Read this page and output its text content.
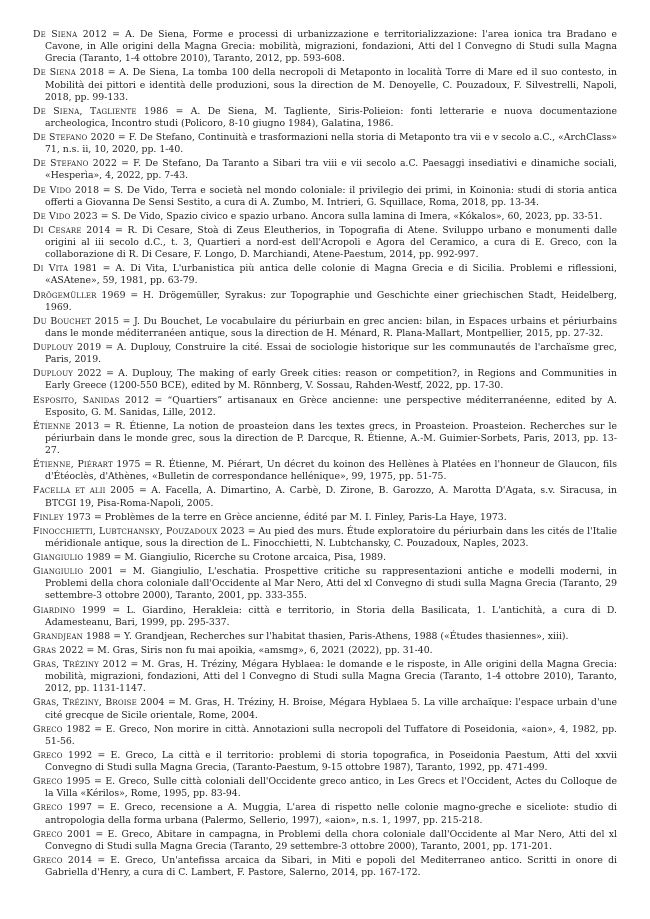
De Siena 2012 = A. De Siena, Forme e processi di urbanizzazione e territorializzazione: l'area ionica tra Bradano e Cavone, in Alle origini della Magna Grecia: mobilità, migrazioni, fondazioni, Atti del l Convegno di Studi sulla Magna Grecia (Taranto, 1-4 ottobre 2010), Taranto, 2012, pp. 593-608.

De Siena 2018 = A. De Siena, La tomba 100 della necropoli di Metaponto in località Torre di Mare ed il suo contesto, in Mobilità dei pittori e identità delle produzioni, sous la direction de M. Denoyelle, C. Pouzadoux, F. Silvestrelli, Napoli, 2018, pp. 99-133.

De Siena, Tagliente 1986 = A. De Siena, M. Tagliente, Siris-Polieion: fonti letterarie e nuova documentazione archeologica, Incontro studi (Policoro, 8-10 giugno 1984), Galatina, 1986.

De Stefano 2020 = F. De Stefano, Continuità e trasformazioni nella storia di Metaponto tra vii e v secolo a.C., «ArchClass» 71, n.s. ii, 10, 2020, pp. 1-40.

De Stefano 2022 = F. De Stefano, Da Taranto a Sibari tra viii e vii secolo a.C. Paesaggi insediativi e dinamiche sociali, «Hesperìa», 4, 2022, pp. 7-43.

De Vido 2018 = S. De Vido, Terra e società nel mondo coloniale: il privilegio dei primi, in Koinonia: studi di storia antica offerti a Giovanna De Sensi Sestito, a cura di A. Zumbo, M. Intrieri, G. Squillace, Roma, 2018, pp. 13-34.

De Vido 2023 = S. De Vido, Spazio civico e spazio urbano. Ancora sulla lamina di Imera, «Kókalos», 60, 2023, pp. 33-51.

Di Cesare 2014 = R. Di Cesare, Stoà di Zeus Eleutherios, in Topografia di Atene. Sviluppo urbano e monumenti dalle origini al iii secolo d.C., t. 3, Quartieri a nord-est dell'Acropoli e Agora del Ceramico, a cura di E. Greco, con la collaborazione di R. Di Cesare, F. Longo, D. Marchiandi, Atene-Paestum, 2014, pp. 992-997.

Di Vita 1981 = A. Di Vita, L'urbanistica più antica delle colonie di Magna Grecia e di Sicilia. Problemi e riflessioni, «ASAtene», 59, 1981, pp. 63-79.

Drögemüller 1969 = H. Drögemüller, Syrakus: zur Topographie und Geschichte einer griechischen Stadt, Heidelberg, 1969.

Du Bouchet 2015 = J. Du Bouchet, Le vocabulaire du périurbain en grec ancien: bilan, in Espaces urbains et périurbains dans le monde méditerranéen antique, sous la direction de H. Ménard, R. Plana-Mallart, Montpellier, 2015, pp. 27-32.

Duplouy 2019 = A. Duplouy, Construire la cité. Essai de sociologie historique sur les communautés de l'archaïsme grec, Paris, 2019.

Duplouy 2022 = A. Duplouy, The making of early Greek cities: reason or competition?, in Regions and Communities in Early Greece (1200-550 BCE), edited by M. Rönnberg, V. Sossau, Rahden-Westf, 2022, pp. 17-30.

Esposito, Sanidas 2012 = “Quartiers” artisanaux en Grèce ancienne: une perspective méditerranéenne, edited by A. Esposito, G. M. Sanidas, Lille, 2012.

Étienne 2013 = R. Étienne, La notion de proasteion dans les textes grecs, in Proasteion. Proasteion. Recherches sur le périurbain dans le monde grec, sous la direction de P. Darcque, R. Étienne, A.-M. Guimier-Sorbets, Paris, 2013, pp. 13-27.

Étienne, Piérart 1975 = R. Étienne, M. Piérart, Un décret du koinon des Hellènes à Platées en l'honneur de Glaucon, fils d'Étéoclès, d'Athènes, «Bulletin de correspondance hellénique», 99, 1975, pp. 51-75.

Facella et alii 2005 = A. Facella, A. Dimartino, A. Carbè, D. Zirone, B. Garozzo, A. Marotta D'Agata, s.v. Siracusa, in BTCGI 19, Pisa-Roma-Napoli, 2005.

Finley 1973 = Problèmes de la terre en Grèce ancienne, édité par M. I. Finley, Paris-La Haye, 1973.

Finocchietti, Lubtchansky, Pouzadoux 2023 = Au pied des murs. Étude exploratoire du périurbain dans les cités de l'Italie méridionale antique, sous la direction de L. Finocchietti, N. Lubtchansky, C. Pouzadoux, Naples, 2023.

Giangiulio 1989 = M. Giangiulio, Ricerche su Crotone arcaica, Pisa, 1989.

Giangiulio 2001 = M. Giangiulio, L'eschatia. Prospettive critiche su rappresentazioni antiche e modelli moderni, in Problemi della chora coloniale dall'Occidente al Mar Nero, Atti del xl Convegno di studi sulla Magna Grecia (Taranto, 29 settembre-3 ottobre 2000), Taranto, 2001, pp. 333-355.

Giardino 1999 = L. Giardino, Herakleia: città e territorio, in Storia della Basilicata, 1. L'antichità, a cura di D. Adamesteanu, Bari, 1999, pp. 295-337.

Grandjean 1988 = Y. Grandjean, Recherches sur l'habitat thasien, Paris-Athens, 1988 («Études thasiennes», xiii).

Gras 2022 = M. Gras, Siris non fu mai apoikia, «amsmg», 6, 2021 (2022), pp. 31-40.

Gras, Tréziny 2012 = M. Gras, H. Tréziny, Mégara Hyblaea: le domande e le risposte, in Alle origini della Magna Grecia: mobilità, migrazioni, fondazioni, Atti del l Convegno di Studi sulla Magna Grecia (Taranto, 1-4 ottobre 2010), Taranto, 2012, pp. 1131-1147.

Gras, Tréziny, Broise 2004 = M. Gras, H. Tréziny, H. Broise, Mégara Hyblaea 5. La ville archaïque: l'espace urbain d'une cité grecque de Sicile orientale, Rome, 2004.

Greco 1982 = E. Greco, Non morire in città. Annotazioni sulla necropoli del Tuffatore di Poseidonia, «aion», 4, 1982, pp. 51-56.

Greco 1992 = E. Greco, La città e il territorio: problemi di storia topografica, in Poseidonia Paestum, Atti del xxvii Convegno di Studi sulla Magna Grecia, (Taranto-Paestum, 9-15 ottobre 1987), Taranto, 1992, pp. 471-499.

Greco 1995 = E. Greco, Sulle città coloniali dell'Occidente greco antico, in Les Grecs et l'Occident, Actes du Colloque de la Villa «Kérilos», Rome, 1995, pp. 83-94.

Greco 1997 = E. Greco, recensione a A. Muggia, L'area di rispetto nelle colonie magno-greche e siceliote: studio di antropologia della forma urbana (Palermo, Sellerio, 1997), «aion», n.s. 1, 1997, pp. 215-218.

Greco 2001 = E. Greco, Abitare in campagna, in Problemi della chora coloniale dall'Occidente al Mar Nero, Atti del xl Convegno di Studi sulla Magna Grecia (Taranto, 29 settembre-3 ottobre 2000), Taranto, 2001, pp. 171-201.

Greco 2014 = E. Greco, Un'antefissa arcaica da Sibari, in Miti e popoli del Mediterraneo antico. Scritti in onore di Gabriella d'Henry, a cura di C. Lambert, F. Pastore, Salerno, 2014, pp. 167-172.
